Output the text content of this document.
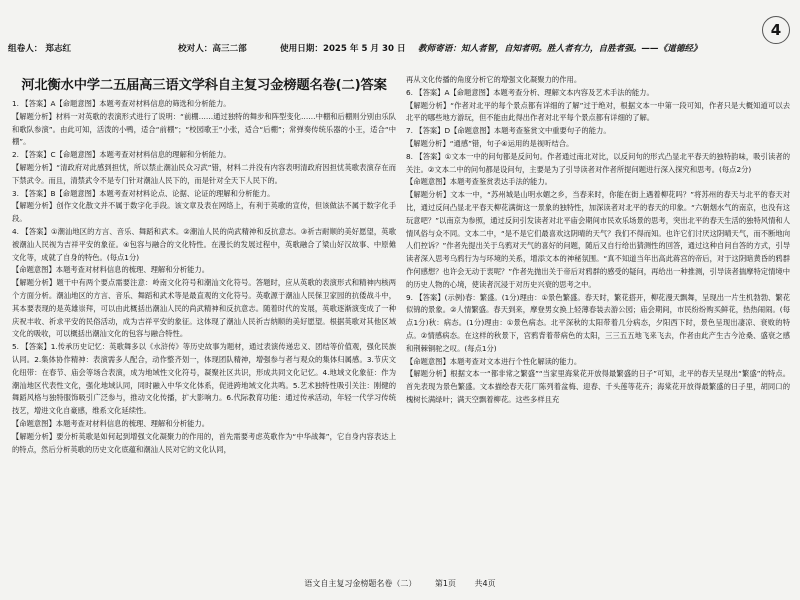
组卷人： 郑志红	校对人：高三二部	使用日期：2025 年 5 月 30 日 教师寄语：知人者智，自知者明。胜人者有力，自胜者强。——《道德经》
4
河北衡水中学二五届高三语文学科自主复习金榜题名卷(二)答案

1. 【答案】A【命题意图】本题考查对材料信息的筛选和分析能力。

【解题分析】材料一对英歌的表演形式进行了说明：“前棚……通过独特的舞步和阵型变化……中棚和后棚则分别由乐队和歌队参演”。由此可知，活泼的小鸭，适合“前棚”；“校园歌王”小张，适合“后棚”；常弹奏传统乐器的小王，适合“中棚”。

2. 【答案】C【命题意图】本题考查对材料信息的理解和分析能力。

【解题分析】“清政府对此感到担忧，所以禁止潮汕民众习武”错，材料二并没有内容表明清政府因担忧英歌表演存在而下禁武令。而且，清禁武令不是专门针对潮汕人民下的，而是针对全天下人民下的。

3. 【答案】B【命题意图】本题考查对材料论点、论据、论证的理解和分析能力。

【解题分析】创作文化散文并不属于数字化手段。该文章及表在网络上，有利于英歌的宣传，但该做法不属于数字化手段。

4. 【答案】①潮汕地区的方言、音乐、舞蹈和武术。②潮汕人民的尚武精神和反抗意志。③祈吉耐顺的美好愿望，英歌被潮汕人民视为吉祥平安的象征。④包容与融合的文化特性。在漫长的发展过程中，英歌融合了梁山好汉故事、中原傩文化等，成就了自身的特色。(每点1分)

【命题意图】本题考查对材料信息的梳理、理解和分析能力。

【解题分析】题干中有两个要点需要注意：岭南文化符号和潮汕文化符号。答题时，应从英歌的表演形式和精神内核两个方面分析。潮汕地区的方言、音乐、舞蹈和武术等是最直观的文化符号。英歌源于潮汕人民保卫家园的抗倭战斗中，其本要表现的是英雄崇拜，可以由此概括出潮汕人民的尚武精神和反抗意志。随着时代的发展，英歌逐渐演变成了一种庆祝丰收、祈求平安的民俗活动，成为吉祥平安的象征。这体现了潮汕人民祈吉纳顺的美好愿望。根据英歌对其他区域文化的吸收，可以概括出潮汕文化的包容与融合特性。

5. 【答案】1.传承历史记忆：英歌舞多以《水浒传》等历史故事为题材，通过表演传递忠义、团结等价值观，强化民族认同。2.集体协作精神：表演需多人配合，动作整齐划一，体现团队精神，增强参与者与观众的集体归属感。3.节庆文化纽带：在春节、庙会等场合表演，成为地域性文化符号，凝聚社区共识，形成共同文化记忆。4.地域文化象征：作为潮汕地区代表性文化，强化地域认同，同时融入中华文化体系，促进跨地域文化共鸣。5.艺术独特性吸引关注：刚健的舞蹈风格与独特服饰吸引广泛参与，推动文化传播，扩大影响力。6.代际教育功能：通过传承活动，年轻一代学习传统技艺，增进文化自豪感，维系文化延续性。

【命题意图】本题考查对材料信息的梳理、理解和分析能力。

【解题分析】要分析英歌是如何起到增强文化凝聚力的作用的，首先需要考虑英歌作为“中华战舞”，它自身内容表达上的特点，然后分析英歌的历史文化底蕴和潮汕人民对它的文化认同，

再从文化传播的角度分析它的增强文化凝聚力的作用。

6. 【答案】A【命题意图】本题考查分析、理解文本内容及艺术手法的能力。

【解题分析】“作者对北平的每个景点都有详细的了解”过于绝对，根据文本一中第一段可知，作者只是大概知道可以去北平的哪些地方游玩，但不能由此得出作者对北平每个景点都有详细的了解。

7. 【答案】D【命题意图】本题考查鉴赏文中重要句子的能力。

【解题分析】“通感”错，句子④运用的是视听结合。

8. 【答案】①文本一中的问句都是反问句。作者通过南北对比，以反问句的形式凸显北平春天的独特韵味，吸引读者的关注。②文本二中的问句都是设问句，主要是为了引导读者对作者所提问题进行深入探究和思考。(每点2分)

【命题意图】本题考查鉴赏表达手法的能力。

【解题分析】文本一中，“苏州城是山明水媚之乡，当春来时，你能在街上遇着柳花吗？”将苏州的春天与北平的春天对比，通过反问凸显北平春天柳花满街这一景象的独特性，加深读者对北平的春天的印象。“六朝烟水气的南京，也没有这玩意吧？”以南京为参照，通过反问引发读者对北平庙会期间市民欢乐场景的思考，突出北平的春天生活的独特风情和人情风俗与众不同。文本二中，“是不是它们最喜欢这阴晴的天气？我们不得而知。也许它们讨厌这阴晴天气，而不断地向人们控诉？”作者先提出关于乌鸦对天气的喜好的问题，随后又自行给出猜测性的回答，通过这种自问自答的方式，引导读者深入思考乌鸦行为与环境的关系，增添文本的神秘氛围。“真不知道当年出高此蒋宫的帝后，对于这阴暗黄昏的鸦群作何感想？也许会无动于衷呢？”作者先抛出关于帝后对鸦群的感受的疑问，再给出一种推测，引导读者揣摩特定情境中的历史人物的心境，使读者沉浸于对历史兴衰的思考之中。

9. 【答案】(示例)春：繁盛。(1分)理由：①景色繁盛。春天时，繁花搭开，柳花漫天飘舞，呈现出一片生机勃勃、繁花似锦的景象。②人情繁盛。春天到来，摩登男女换上轻薄春装去游公园；庙会期间，市民纷纷购买鲜花，热热闹闹。(每点1分)秋：病态。(1分)理由：①景色病态。北平深秋的太阳带着几分病态，夕阳西下时，景色呈现出凄凉、衰败的特点。②情感病态。在这样的秋景下，宫鸦背着带病色的太阳，三三五五地飞来飞去，作者由此产生古今沧桑、盛衰之感和荆棘铜驼之叹。(每点1分)

【命题意图】本题考查对文本进行个性化解读的能力。

【解题分析】根据文本一“都非常之繁盛”“当家里海棠花开放得最繁盛的日子”可知，北平的春天呈现出“繁盛”的特点。首先表现为景色繁盛。文本描绘春天花厂陈列着盆梅、迎春、千头莲等花卉；海棠花开放得最繁盛的日子里，胡同口的槐树长满绿叶；满天空飘着柳花。这些多样且充

语文自主复习金榜题名卷（二） 第1页 共4页
